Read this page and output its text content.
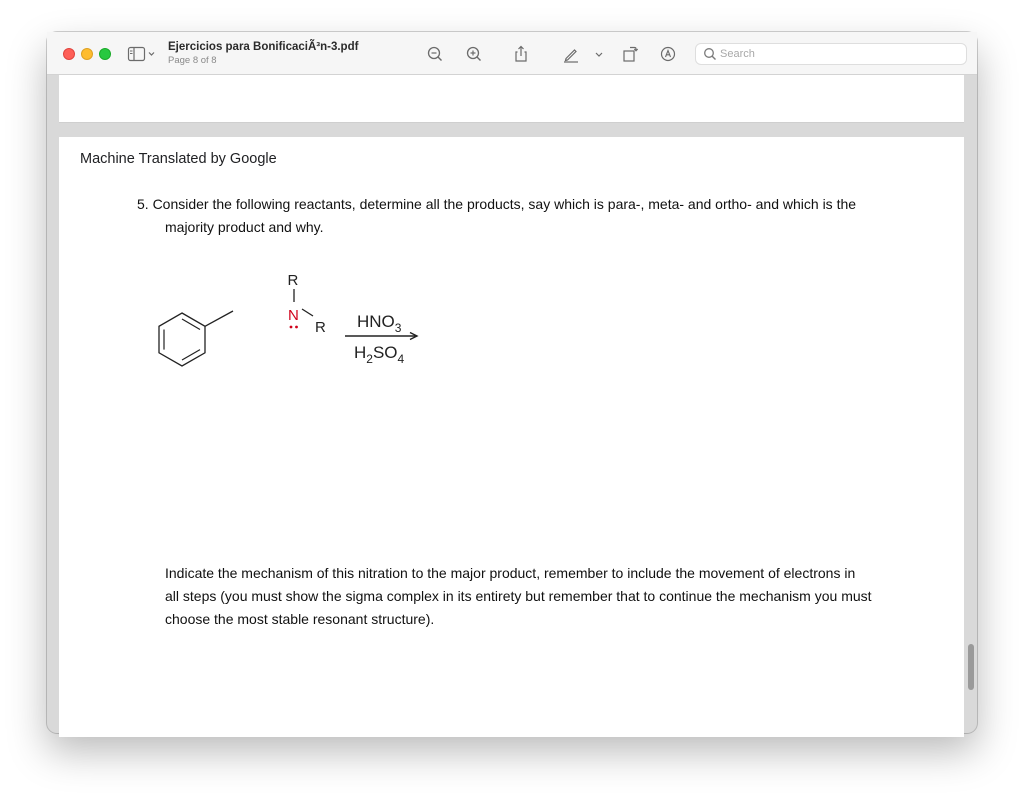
Ejercicios para BonificaciÃ³n-3.pdf
Page 8 of 8
Search
Machine Translated by Google
5. Consider the following reactants, determine all the products, say which is para-, meta- and ortho- and which is the
majority product and why.
R
N
R $HNO_3$
$H_2SO_4$
Indicate the mechanism of this nitration to the major product, remember to include the movement of electrons in
all steps (you must show the sigma complex in its entirety but remember that to continue the mechanism you must
choose the most stable resonant structure).
